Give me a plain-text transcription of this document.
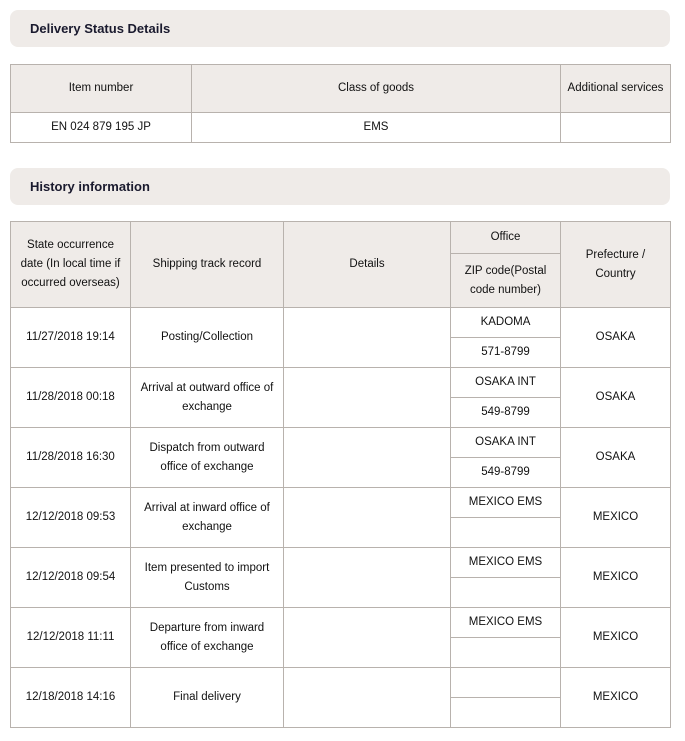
Delivery Status Details
Item number	Class of goods	Additional services
EN 024 879 195 JP	EMS	
History information
State occurrence date (In local time if occurred overseas)	Shipping track record	Details	Office	Prefecture / Country
			ZIP code(Postal code number)	
11/27/2018 19:14	Posting/Collection		KADOMA	OSAKA
			571-8799	
11/28/2018 00:18	Arrival at outward office of exchange		OSAKA INT	OSAKA
			549-8799	
11/28/2018 16:30	Dispatch from outward office of exchange		OSAKA INT	OSAKA
			549-8799	
12/12/2018 09:53	Arrival at inward office of exchange		MEXICO EMS	MEXICO

12/12/2018 09:54	Item presented to import Customs		MEXICO EMS	MEXICO

12/12/2018 11:11	Departure from inward office of exchange		MEXICO EMS	MEXICO

12/18/2018 14:16	Final delivery			MEXICO
